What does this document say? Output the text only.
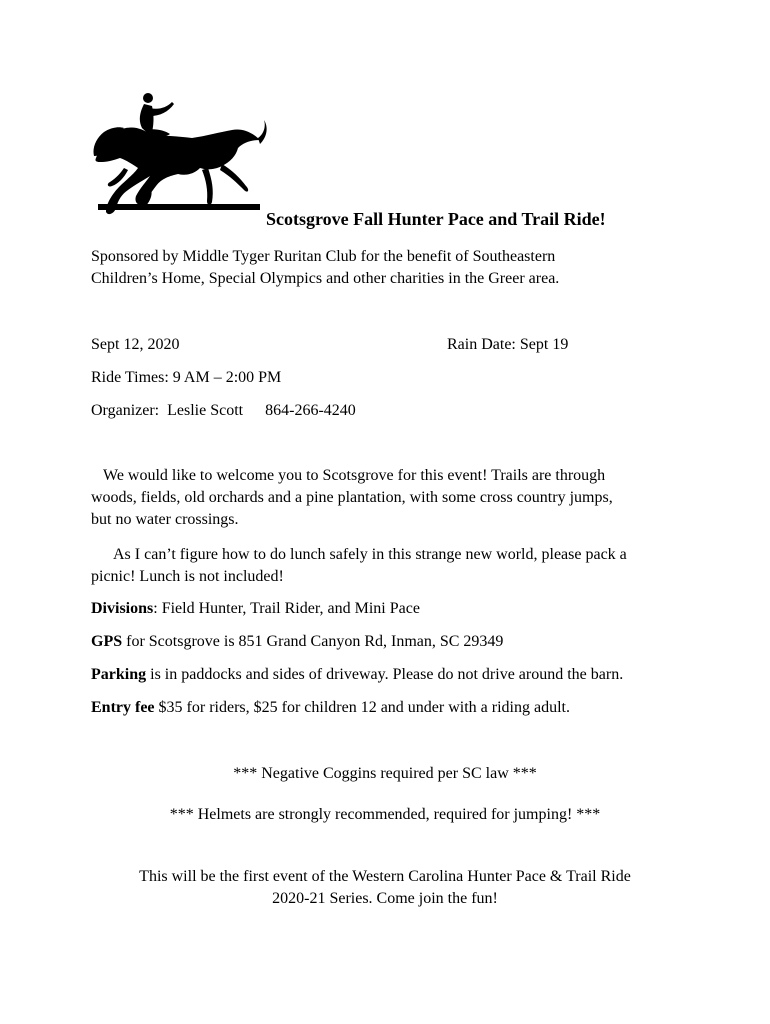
Scotsgrove Fall Hunter Pace and Trail Ride!
Sponsored by Middle Tyger Ruritan Club for the benefit of Southeastern
Children’s Home, Special Olympics and other charities in the Greer area.
Sept 12, 2020	Rain Date: Sept 19
Ride Times: 9 AM – 2:00 PM
Organizer: Leslie Scott 864-266-4240
We would like to welcome you to Scotsgrove for this event! Trails are through
woods, fields, old orchards and a pine plantation, with some cross country jumps,
but no water crossings.
As I can’t figure how to do lunch safely in this strange new world, please pack a
picnic! Lunch is not included!
Divisions: Field Hunter, Trail Rider, and Mini Pace
GPS for Scotsgrove is 851 Grand Canyon Rd, Inman, SC 29349
Parking is in paddocks and sides of driveway. Please do not drive around the barn.
Entry fee $35 for riders, $25 for children 12 and under with a riding adult.
*** Negative Coggins required per SC law ***
*** Helmets are strongly recommended, required for jumping! ***
This will be the first event of the Western Carolina Hunter Pace & Trail Ride
2020-21 Series. Come join the fun!
